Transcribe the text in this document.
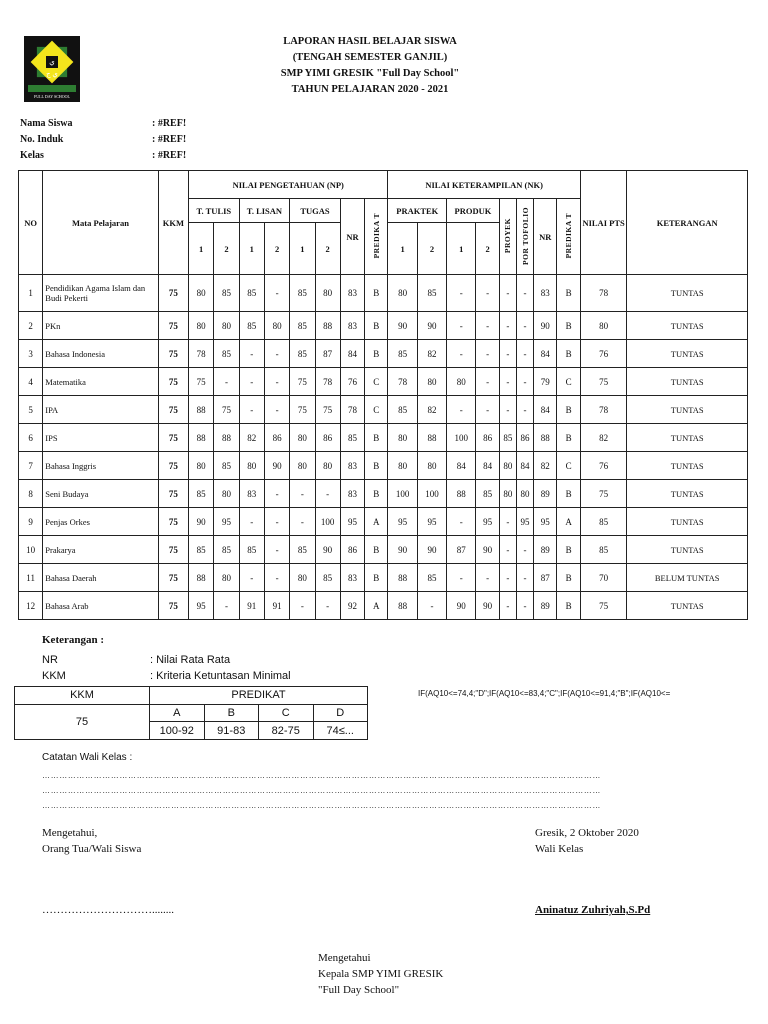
ي ي ج
FULL DAY SCHOOL
LAPORAN HASIL BELAJAR SISWA
(TENGAH SEMESTER GANJIL)
SMP YIMI GRESIK "Full Day School"
TAHUN PELAJARAN 2020 - 2021
Nama Siswa	: #REF!
No. Induk	: #REF!
Kelas	: #REF!
NO	Mata Pelajaran	KKM	NILAI PENGETAHUAN (NP)								NILAI KETERAMPILAN (NK)								NILAI PTS	KETERANGAN
			T. TULIS		T. LISAN		TUGAS		NR	PREDIKA T	PRAKTEK		PRODUK		PROYEK	POR TOFOLIO	NR	PREDIKA T		
			1	2	1	2	1	2			1	2	1	2						
1	Pendidikan Agama Islam dan Budi Pekerti	75	80	85	85	-	85	80	83	B	80	85	-	-	-	-	83	B	78	TUNTAS
2	PKn	75	80	80	85	80	85	88	83	B	90	90	-	-	-	-	90	B	80	TUNTAS
3	Bahasa Indonesia	75	78	85	-	-	85	87	84	B	85	82	-	-	-	-	84	B	76	TUNTAS
4	Matematika	75	75	-	-	-	75	78	76	C	78	80	80	-	-	-	79	C	75	TUNTAS
5	IPA	75	88	75	-	-	75	75	78	C	85	82	-	-	-	-	84	B	78	TUNTAS
6	IPS	75	88	88	82	86	80	86	85	B	80	88	100	86	85	86	88	B	82	TUNTAS
7	Bahasa Inggris	75	80	85	80	90	80	80	83	B	80	80	84	84	80	84	82	C	76	TUNTAS
8	Seni Budaya	75	85	80	83	-	-	-	83	B	100	100	88	85	80	80	89	B	75	TUNTAS
9	Penjas Orkes	75	90	95	-	-	-	100	95	A	95	95	-	95	-	95	95	A	85	TUNTAS
10	Prakarya	75	85	85	85	-	85	90	86	B	90	90	87	90	-	-	89	B	85	TUNTAS
11	Bahasa Daerah	75	88	80	-	-	80	85	83	B	88	85	-	-	-	-	87	B	70	BELUM TUNTAS
12	Bahasa Arab	75	95	-	91	91	-	-	92	A	88	-	90	90	-	-	89	B	75	TUNTAS
Keterangan :
NR	: Nilai Rata Rata
KKM	: Kriteria Ketuntasan Minimal
KKM	PREDIKAT			
75	A	B	C	D
	100-92	91-83	82-75	74≤...
IF(AQ10<=74,4;"D";IF(AQ10<=83,4;"C";IF(AQ10<=91,4;"B";IF(AQ10<=
Catatan Wali Kelas :
……………………………………………………………………………………………………………………………………………………………………………
……………………………………………………………………………………………………………………………………………………………………………
……………………………………………………………………………………………………………………………………………………………………………
Mengetahui,
Orang Tua/Wali Siswa
…………………………........
Gresik, 2 Oktober 2020
Wali Kelas
Aninatuz Zuhriyah,S.Pd
Mengetahui
Kepala SMP YIMI GRESIK
"Full Day School"
